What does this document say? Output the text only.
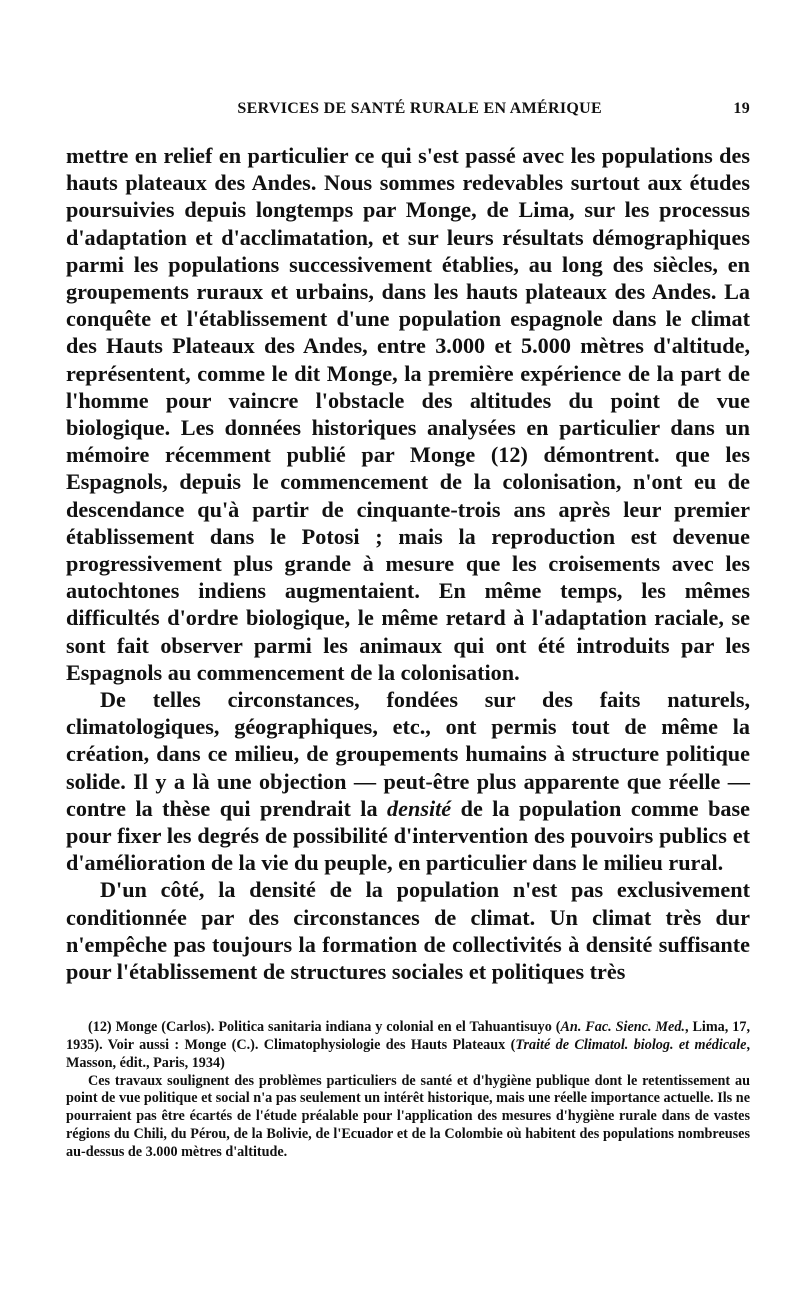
SERVICES DE SANTÉ RURALE EN AMÉRIQUE	19

mettre en relief en particulier ce qui s'est passé avec les populations des hauts plateaux des Andes. Nous sommes redevables surtout aux études poursuivies depuis longtemps par Monge, de Lima, sur les processus d'adaptation et d'acclimatation, et sur leurs résultats démographiques parmi les populations successivement établies, au long des siècles, en groupements ruraux et urbains, dans les hauts plateaux des Andes. La conquête et l'établissement d'une population espagnole dans le climat des Hauts Plateaux des Andes, entre 3.000 et 5.000 mètres d'altitude, représentent, comme le dit Monge, la première expérience de la part de l'homme pour vaincre l'obstacle des altitudes du point de vue biologique. Les données historiques analysées en particulier dans un mémoire récemment publié par Monge (12) démontrent. que les Espagnols, depuis le commencement de la colonisation, n'ont eu de descendance qu'à partir de cinquante-trois ans après leur premier établissement dans le Potosi ; mais la reproduction est devenue progressivement plus grande à mesure que les croisements avec les autochtones indiens augmentaient. En même temps, les mêmes difficultés d'ordre biologique, le même retard à l'adaptation raciale, se sont fait observer parmi les animaux qui ont été introduits par les Espagnols au commencement de la colonisation.

De telles circonstances, fondées sur des faits naturels, climatologiques, géographiques, etc., ont permis tout de même la création, dans ce milieu, de groupements humains à structure politique solide. Il y a là une objection — peut-être plus apparente que réelle — contre la thèse qui prendrait la densité de la population comme base pour fixer les degrés de possibilité d'intervention des pouvoirs publics et d'amélioration de la vie du peuple, en particulier dans le milieu rural.

D'un côté, la densité de la population n'est pas exclusivement conditionnée par des circonstances de climat. Un climat très dur n'empêche pas toujours la formation de collectivités à densité suffisante pour l'établissement de structures sociales et politiques très

(12) Monge (Carlos). Politica sanitaria indiana y colonial en el Tahuantisuyo (An. Fac. Sienc. Med., Lima, 17, 1935). Voir aussi : Monge (C.). Climatophysiologie des Hauts Plateaux (Traité de Climatol. biolog. et médicale, Masson, édit., Paris, 1934)

Ces travaux soulignent des problèmes particuliers de santé et d'hygiène publique dont le retentissement au point de vue politique et social n'a pas seulement un intérêt historique, mais une réelle importance actuelle. Ils ne pourraient pas être écartés de l'étude préalable pour l'application des mesures d'hygiène rurale dans de vastes régions du Chili, du Pérou, de la Bolivie, de l'Ecuador et de la Colombie où habitent des populations nombreuses au-dessus de 3.000 mètres d'altitude.
